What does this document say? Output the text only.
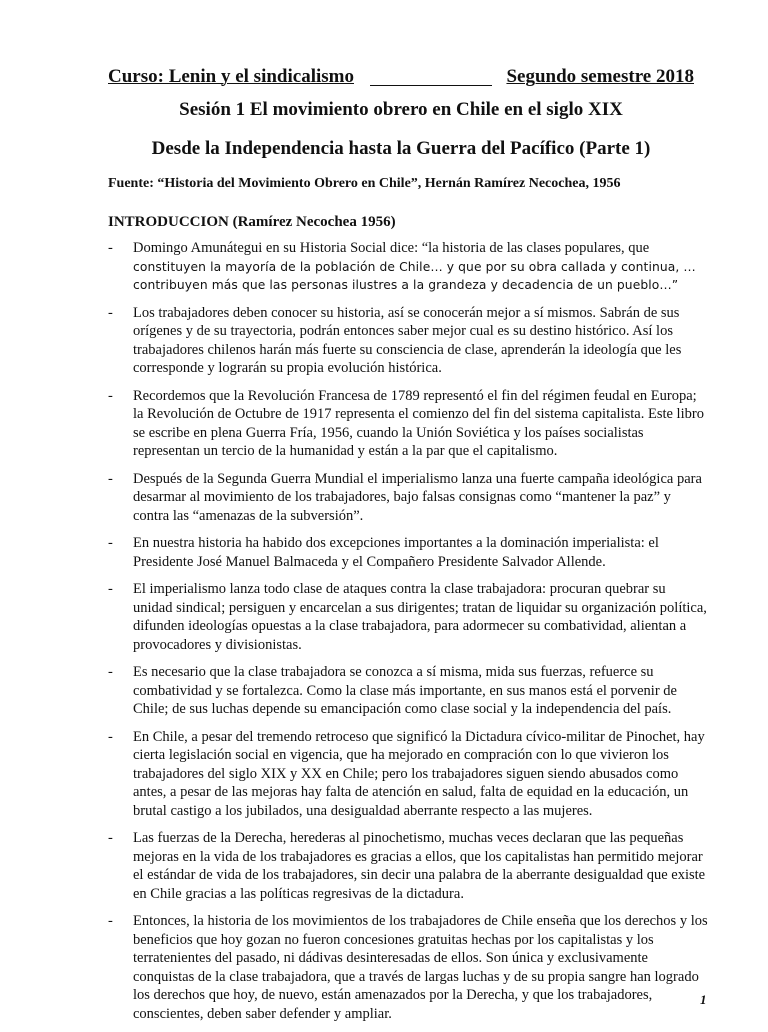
Curso: Lenin y el sindicalismo	Segundo semestre 2018
Sesión 1 El movimiento obrero en Chile en el siglo XIX
Desde la Independencia hasta la Guerra del Pacífico (Parte 1)
Fuente: “Historia del Movimiento Obrero en Chile”, Hernán Ramírez Necochea, 1956
INTRODUCCION (Ramírez Necochea 1956)
-	Domingo Amunátegui en su Historia Social dice: “la historia de las clases populares, que
constituyen la mayoría de la población de Chile… y que por su obra callada y continua, …
contribuyen más que las personas ilustres a la grandeza y decadencia de un pueblo…”
-	Los trabajadores deben conocer su historia, así se conocerán mejor a sí mismos. Sabrán de sus orígenes y de su trayectoria, podrán entonces saber mejor cual es su destino histórico. Así los trabajadores chilenos harán más fuerte su consciencia de clase, aprenderán la ideología que les corresponde y lograrán su propia evolución histórica.
-	Recordemos que la Revolución Francesa de 1789 representó el fin del régimen feudal en Europa; la Revolución de Octubre de 1917 representa el comienzo del fin del sistema capitalista. Este libro se escribe en plena Guerra Fría, 1956, cuando la Unión Soviética y los países socialistas representan un tercio de la humanidad y están a la par que el capitalismo.
-	Después de la Segunda Guerra Mundial el imperialismo lanza una fuerte campaña ideológica para desarmar al movimiento de los trabajadores, bajo falsas consignas como “mantener la paz” y contra las “amenazas de la subversión”.
-	En nuestra historia ha habido dos excepciones importantes a la dominación imperialista: el Presidente José Manuel Balmaceda y el Compañero Presidente Salvador Allende.
-	El imperialismo lanza todo clase de ataques contra la clase trabajadora: procuran quebrar su unidad sindical; persiguen y encarcelan a sus dirigentes; tratan de liquidar su organización política, difunden ideologías opuestas a la clase trabajadora, para adormecer su combatividad, alientan a provocadores y divisionistas.
-	Es necesario que la clase trabajadora se conozca a sí misma, mida sus fuerzas, refuerce su combatividad y se fortalezca. Como la clase más importante, en sus manos está el porvenir de Chile; de sus luchas depende su emancipación como clase social y la independencia del país.
-	En Chile, a pesar del tremendo retroceso que significó la Dictadura cívico-militar de Pinochet, hay cierta legislación social en vigencia, que ha mejorado en compración con lo que vivieron los trabajadores del siglo XIX y XX en Chile; pero los trabajadores siguen siendo abusados como antes, a pesar de las mejoras hay falta de atención en salud, falta de equidad en la educación, un brutal castigo a los jubilados, una desigualdad aberrante respecto a las mujeres.
-	Las fuerzas de la Derecha, herederas al pinochetismo, muchas veces declaran que las pequeñas mejoras en la vida de los trabajadores es gracias a ellos, que los capitalistas han permitido mejorar el estándar de vida de los trabajadores, sin decir una palabra de la aberrante desigualdad que existe en Chile gracias a las políticas regresivas de la dictadura.
-	Entonces, la historia de los movimientos de los trabajadores de Chile enseña que los derechos y los beneficios que hoy gozan no fueron concesiones gratuitas hechas por los capitalistas y los terratenientes del pasado, ni dádivas desinteresadas de ellos. Son única y exclusivamente conquistas de la clase trabajadora, que a través de largas luchas y de su propia sangre han logrado los derechos que hoy, de nuevo, están amenazados por la Derecha, y que los trabajadores, conscientes, deben saber defender y ampliar.
1
